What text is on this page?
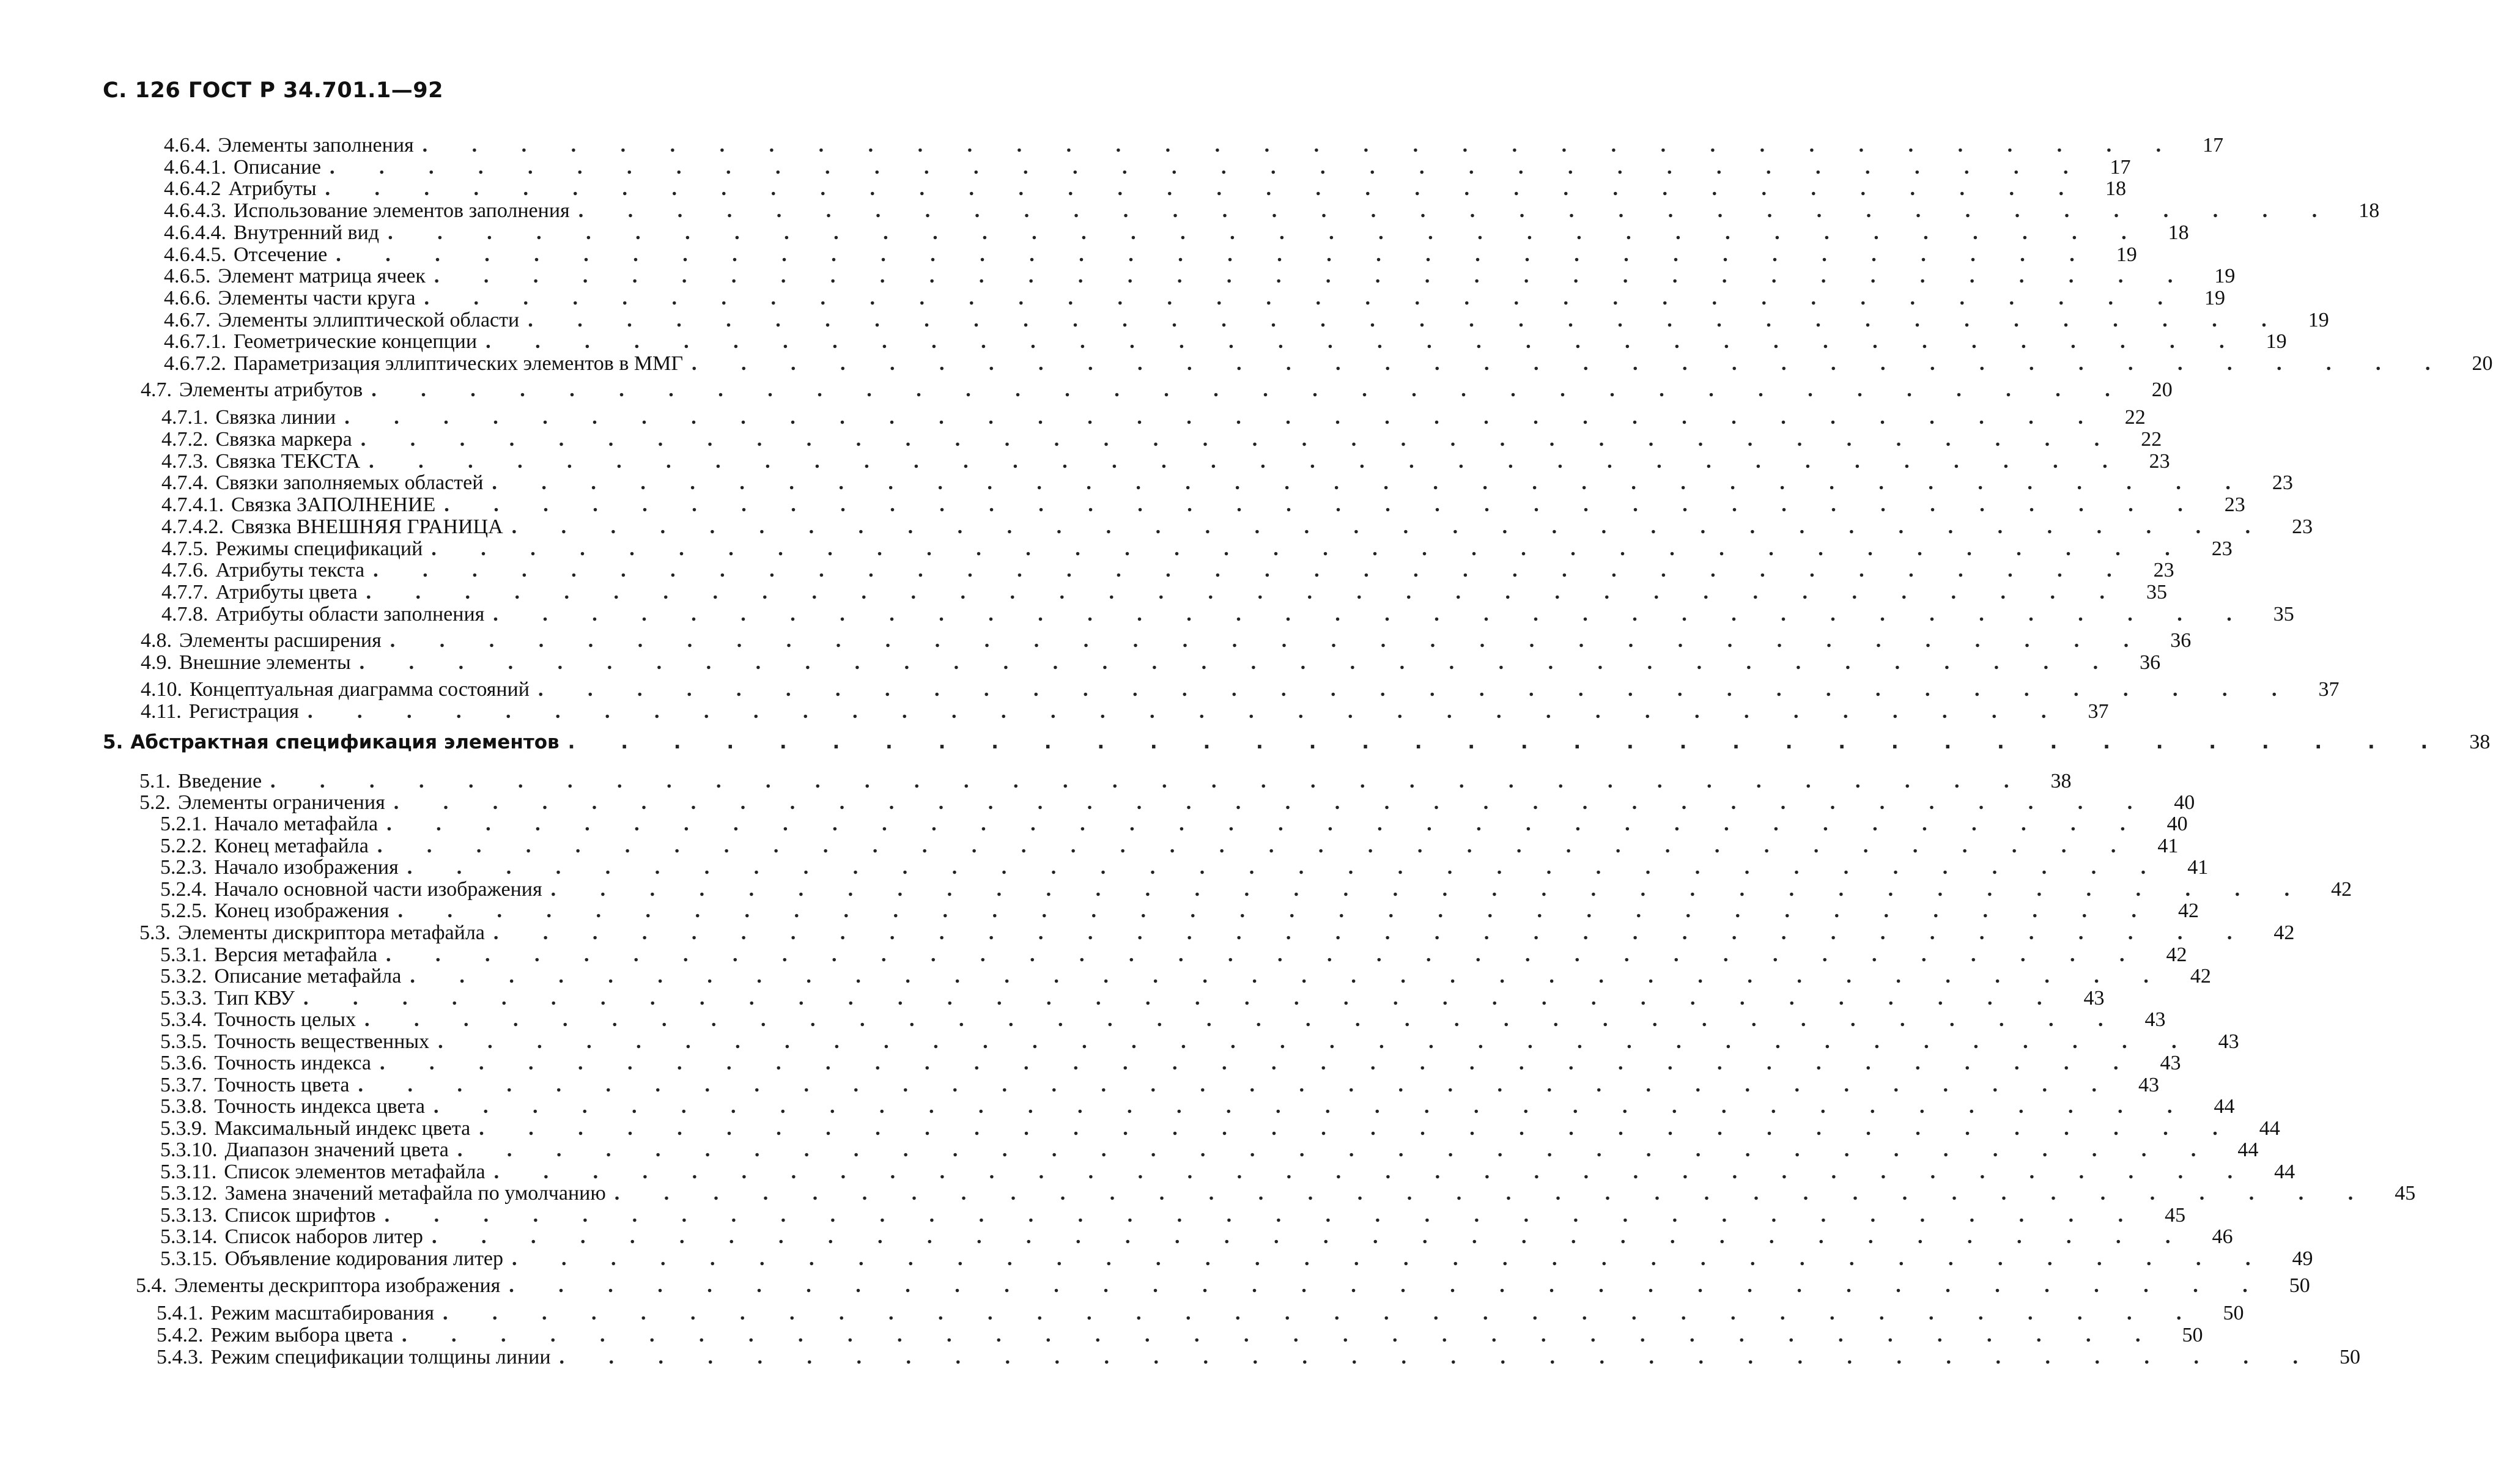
С. 126 ГОСТ Р 34.701.1—92
4.6.4. Элементы заполнения . . . . . . . . . . . . . . . . . . . . . . . . . . . . . . . . . . . .	17
4.6.4.1. Описание . . . . . . . . . . . . . . . . . . . . . . . . . . . . . . . . . . . .	17
4.6.4.2 Атрибуты . . . . . . . . . . . . . . . . . . . . . . . . . . . . . . . . . . . .	18
4.6.4.3. Использование элементов заполнения . . . . . . . . . . . . . . . . . . . . . . . . . . . . . . . . . . . .	18
4.6.4.4. Внутренний вид . . . . . . . . . . . . . . . . . . . . . . . . . . . . . . . . . . . .	18
4.6.4.5. Отсечение . . . . . . . . . . . . . . . . . . . . . . . . . . . . . . . . . . . .	19
4.6.5. Элемент матрица ячеек . . . . . . . . . . . . . . . . . . . . . . . . . . . . . . . . . . . .	19
4.6.6. Элементы части круга . . . . . . . . . . . . . . . . . . . . . . . . . . . . . . . . . . . .	19
4.6.7. Элементы эллиптической области . . . . . . . . . . . . . . . . . . . . . . . . . . . . . . . . . . . .	19
4.6.7.1. Геометрические концепции . . . . . . . . . . . . . . . . . . . . . . . . . . . . . . . . . . . .	19
4.6.7.2. Параметризация эллиптических элементов в ММГ . . . . . . . . . . . . . . . . . . . . . . . . . . . . . . . . . . . .	20
4.7. Элементы атрибутов . . . . . . . . . . . . . . . . . . . . . . . . . . . . . . . . . . . .	20
4.7.1. Связка линии . . . . . . . . . . . . . . . . . . . . . . . . . . . . . . . . . . . .	22
4.7.2. Связка маркера . . . . . . . . . . . . . . . . . . . . . . . . . . . . . . . . . . . .	22
4.7.3. Связка ТЕКСТА . . . . . . . . . . . . . . . . . . . . . . . . . . . . . . . . . . . .	23
4.7.4. Связки заполняемых областей . . . . . . . . . . . . . . . . . . . . . . . . . . . . . . . . . . . .	23
4.7.4.1. Связка ЗАПОЛНЕНИЕ . . . . . . . . . . . . . . . . . . . . . . . . . . . . . . . . . . . .	23
4.7.4.2. Связка ВНЕШНЯЯ ГРАНИЦА . . . . . . . . . . . . . . . . . . . . . . . . . . . . . . . . . . . .	23
4.7.5. Режимы спецификаций . . . . . . . . . . . . . . . . . . . . . . . . . . . . . . . . . . . .	23
4.7.6. Атрибуты текста . . . . . . . . . . . . . . . . . . . . . . . . . . . . . . . . . . . .	23
4.7.7. Атрибуты цвета . . . . . . . . . . . . . . . . . . . . . . . . . . . . . . . . . . . .	35
4.7.8. Атрибуты области заполнения . . . . . . . . . . . . . . . . . . . . . . . . . . . . . . . . . . . .	35
4.8. Элементы расширения . . . . . . . . . . . . . . . . . . . . . . . . . . . . . . . . . . . .	36
4.9. Внешние элементы . . . . . . . . . . . . . . . . . . . . . . . . . . . . . . . . . . . .	36
4.10. Концептуальная диаграмма состояний . . . . . . . . . . . . . . . . . . . . . . . . . . . . . . . . . . . .	37
4.11. Регистрация . . . . . . . . . . . . . . . . . . . . . . . . . . . . . . . . . . . .	37
5. Абстрактная спецификация элементов . . . . . . . . . . . . . . . . . . . . . . . . . . . . . . . . . . . .	38
5.1. Введение . . . . . . . . . . . . . . . . . . . . . . . . . . . . . . . . . . . .	38
5.2. Элементы ограничения . . . . . . . . . . . . . . . . . . . . . . . . . . . . . . . . . . . .	40
5.2.1. Начало метафайла . . . . . . . . . . . . . . . . . . . . . . . . . . . . . . . . . . . .	40
5.2.2. Конец метафайла . . . . . . . . . . . . . . . . . . . . . . . . . . . . . . . . . . . .	41
5.2.3. Начало изображения . . . . . . . . . . . . . . . . . . . . . . . . . . . . . . . . . . . .	41
5.2.4. Начало основной части изображения . . . . . . . . . . . . . . . . . . . . . . . . . . . . . . . . . . . .	42
5.2.5. Конец изображения . . . . . . . . . . . . . . . . . . . . . . . . . . . . . . . . . . . .	42
5.3. Элементы дискриптора метафайла . . . . . . . . . . . . . . . . . . . . . . . . . . . . . . . . . . . .	42
5.3.1. Версия метафайла . . . . . . . . . . . . . . . . . . . . . . . . . . . . . . . . . . . .	42
5.3.2. Описание метафайла . . . . . . . . . . . . . . . . . . . . . . . . . . . . . . . . . . . .	42
5.3.3. Тип КВУ . . . . . . . . . . . . . . . . . . . . . . . . . . . . . . . . . . . .	43
5.3.4. Точность целых . . . . . . . . . . . . . . . . . . . . . . . . . . . . . . . . . . . .	43
5.3.5. Точность вещественных . . . . . . . . . . . . . . . . . . . . . . . . . . . . . . . . . . . .	43
5.3.6. Точность индекса . . . . . . . . . . . . . . . . . . . . . . . . . . . . . . . . . . . .	43
5.3.7. Точность цвета . . . . . . . . . . . . . . . . . . . . . . . . . . . . . . . . . . . .	43
5.3.8. Точность индекса цвета . . . . . . . . . . . . . . . . . . . . . . . . . . . . . . . . . . . .	44
5.3.9. Максимальный индекс цвета . . . . . . . . . . . . . . . . . . . . . . . . . . . . . . . . . . . .	44
5.3.10. Диапазон значений цвета . . . . . . . . . . . . . . . . . . . . . . . . . . . . . . . . . . . .	44
5.3.11. Список элементов метафайла . . . . . . . . . . . . . . . . . . . . . . . . . . . . . . . . . . . .	44
5.3.12. Замена значений метафайла по умолчанию . . . . . . . . . . . . . . . . . . . . . . . . . . . . . . . . . . . .	45
5.3.13. Список шрифтов . . . . . . . . . . . . . . . . . . . . . . . . . . . . . . . . . . . .	45
5.3.14. Список наборов литер . . . . . . . . . . . . . . . . . . . . . . . . . . . . . . . . . . . .	46
5.3.15. Объявление кодирования литер . . . . . . . . . . . . . . . . . . . . . . . . . . . . . . . . . . . .	49
5.4. Элементы дескриптора изображения . . . . . . . . . . . . . . . . . . . . . . . . . . . . . . . . . . . .	50
5.4.1. Режим масштабирования . . . . . . . . . . . . . . . . . . . . . . . . . . . . . . . . . . . .	50
5.4.2. Режим выбора цвета . . . . . . . . . . . . . . . . . . . . . . . . . . . . . . . . . . . .	50
5.4.3. Режим спецификации толщины линии . . . . . . . . . . . . . . . . . . . . . . . . . . . . . . . . . . . .	50
